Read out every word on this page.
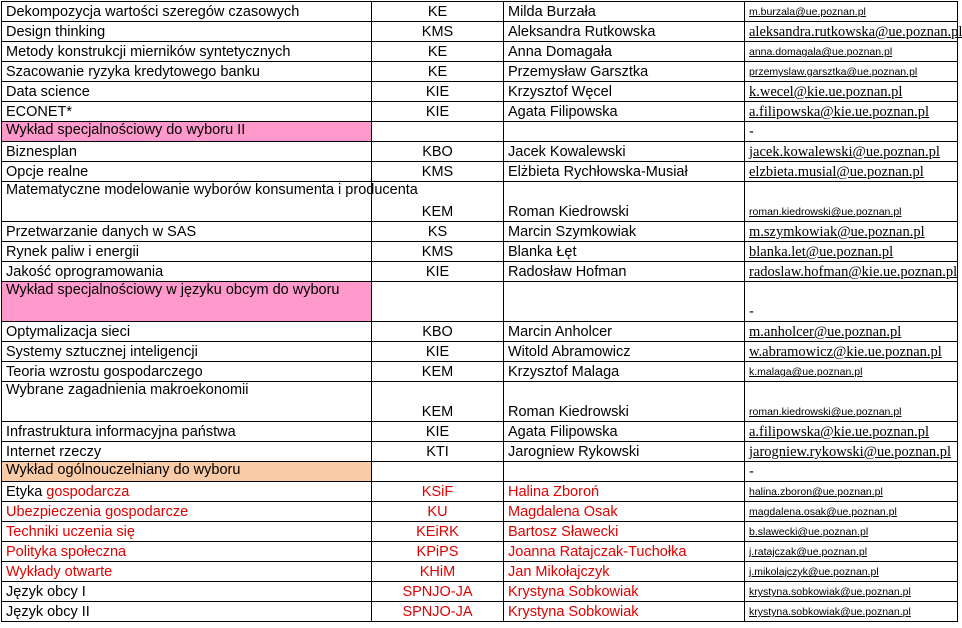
Dekompozycja wartości szeregów czasowych	KE	Milda Burzała	m.burzala@ue.poznan.pl
Design thinking	KMS	Aleksandra Rutkowska	aleksandra.rutkowska@ue.poznan.pl
Metody konstrukcji mierników syntetycznych	KE	Anna Domagała	anna.domagala@ue.poznan.pl
Szacowanie ryzyka kredytowego banku	KE	Przemysław Garsztka	przemyslaw.garsztka@ue.poznan.pl
Data science	KIE	Krzysztof Węcel	k.wecel@kie.ue.poznan.pl
ECONET*	KIE	Agata Filipowska	a.filipowska@kie.ue.poznan.pl
Wykład specjalnościowy do wyboru II			-
Biznesplan	KBO	Jacek Kowalewski	jacek.kowalewski@ue.poznan.pl
Opcje realne	KMS	Elżbieta Rychłowska-Musiał	elzbieta.musial@ue.poznan.pl
Matematyczne modelowanie wyborów konsumenta i producenta	KEM	Roman Kiedrowski	roman.kiedrowski@ue.poznan.pl
Przetwarzanie danych w SAS	KS	Marcin Szymkowiak	m.szymkowiak@ue.poznan.pl
Rynek paliw i energii	KMS	Blanka Łęt	blanka.let@ue.poznan.pl
Jakość oprogramowania	KIE	Radosław Hofman	radoslaw.hofman@kie.ue.poznan.pl
Wykład specjalnościowy w języku obcym do wyboru			-
Optymalizacja sieci	KBO	Marcin Anholcer	m.anholcer@ue.poznan.pl
Systemy sztucznej inteligencji	KIE	Witold Abramowicz	w.abramowicz@kie.ue.poznan.pl
Teoria wzrostu gospodarczego	KEM	Krzysztof Malaga	k.malaga@ue.poznan.pl
Wybrane zagadnienia makroekonomii	KEM	Roman Kiedrowski	roman.kiedrowski@ue.poznan.pl
Infrastruktura informacyjna państwa	KIE	Agata Filipowska	a.filipowska@kie.ue.poznan.pl
Internet rzeczy	KTI	Jarogniew Rykowski	jarogniew.rykowski@ue.poznan.pl
Wykład ogólnouczelniany do wyboru			-
Etyka gospodarcza	KSiF	Halina Zboroń	halina.zboron@ue.poznan.pl
Ubezpieczenia gospodarcze	KU	Magdalena Osak	magdalena.osak@ue.poznan.pl
Techniki uczenia się	KEiRK	Bartosz Sławecki	b.slawecki@ue.poznan.pl
Polityka społeczna	KPiPS	Joanna Ratajczak-Tuchołka	j.ratajczak@ue.poznan.pl
Wykłady otwarte	KHiM	Jan Mikołajczyk	j.mikolajczyk@ue.poznan.pl
Język obcy I	SPNJO-JA	Krystyna Sobkowiak	krystyna.sobkowiak@ue.poznan.pl
Język obcy II	SPNJO-JA	Krystyna Sobkowiak	krystyna.sobkowiak@ue.poznan.pl
